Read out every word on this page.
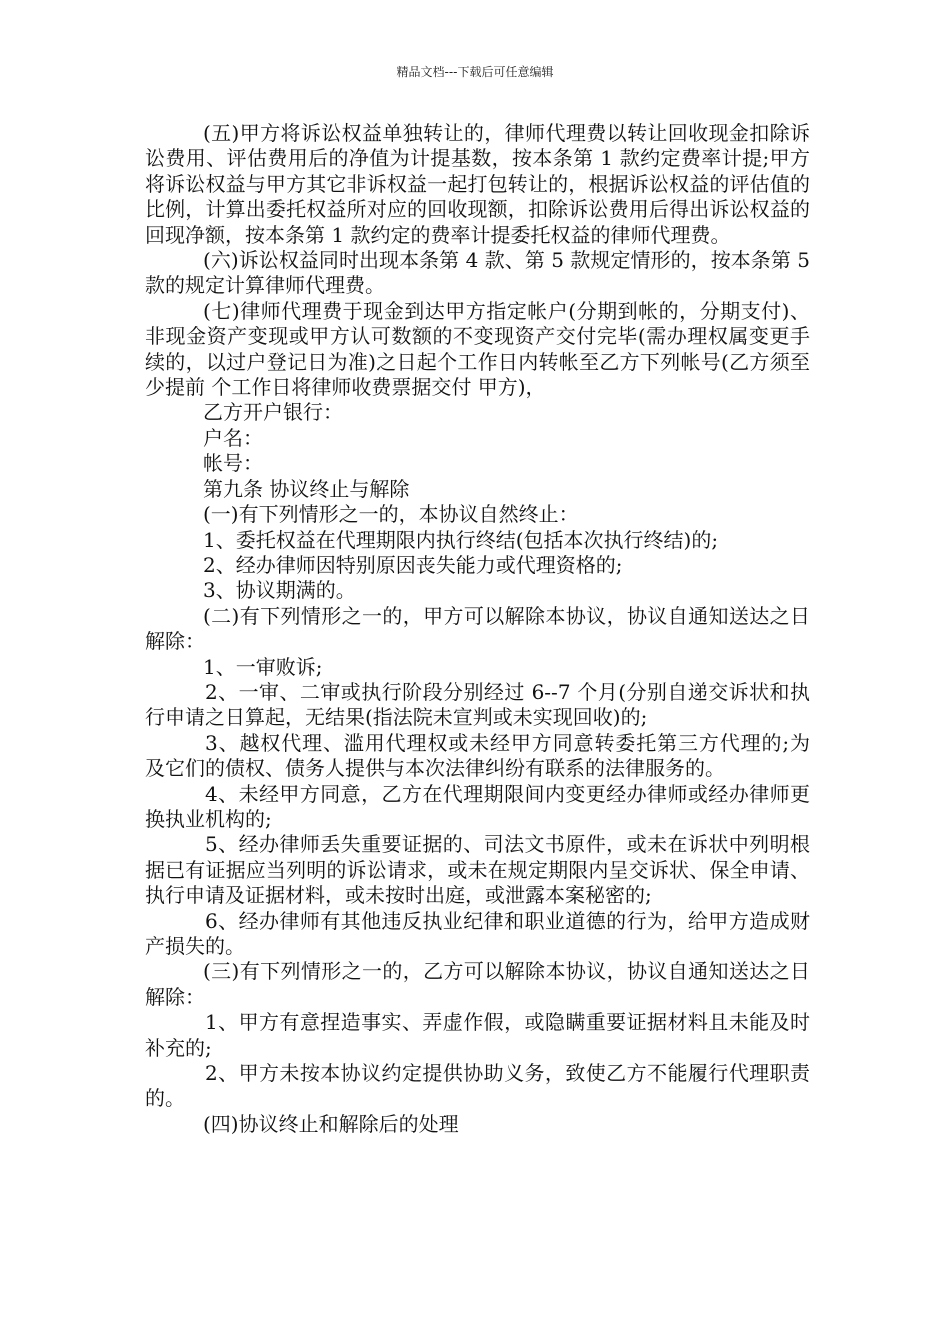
精品文档---下载后可任意编辑

(五)甲方将诉讼权益单独转让的，律师代理费以转让回收现金扣除诉讼费用、评估费用后的净值为计提基数，按本条第 1 款约定费率计提;甲方将诉讼权益与甲方其它非诉权益一起打包转让的，根据诉讼权益的评估值的比例，计算出委托权益所对应的回收现额，扣除诉讼费用后得出诉讼权益的回现净额，按本条第 1 款约定的费率计提委托权益的律师代理费。

(六)诉讼权益同时出现本条第 4 款、第 5 款规定情形的，按本条第 5 款的规定计算律师代理费。

(七)律师代理费于现金到达甲方指定帐户(分期到帐的，分期支付)、非现金资产变现或甲方认可数额的不变现资产交付完毕(需办理权属变更手续的，以过户登记日为准)之日起个工作日内转帐至乙方下列帐号(乙方须至少提前 个工作日将律师收费票据交付 甲方)，

乙方开户银行：

户名：

帐号：

第九条 协议终止与解除

(一)有下列情形之一的，本协议自然终止：

1、委托权益在代理期限内执行终结(包括本次执行终结)的;

2、经办律师因特别原因丧失能力或代理资格的;

3、协议期满的。

(二)有下列情形之一的，甲方可以解除本协议，协议自通知送达之日解除：

1、一审败诉;

2、一审、二审或执行阶段分别经过 6--7 个月(分别自递交诉状和执行申请之日算起，无结果(指法院未宣判或未实现回收)的;

3、越权代理、滥用代理权或未经甲方同意转委托第三方代理的;为 及它们的债权、债务人提供与本次法律纠纷有联系的法律服务的。

4、未经甲方同意，乙方在代理期限间内变更经办律师或经办律师更换执业机构的;

5、经办律师丢失重要证据的、司法文书原件，或未在诉状中列明根据已有证据应当列明的诉讼请求，或未在规定期限内呈交诉状、保全申请、执行申请及证据材料，或未按时出庭，或泄露本案秘密的;

6、经办律师有其他违反执业纪律和职业道德的行为，给甲方造成财产损失的。

(三)有下列情形之一的，乙方可以解除本协议，协议自通知送达之日解除：

1、甲方有意捏造事实、弄虚作假，或隐瞒重要证据材料且未能及时补充的;

2、甲方未按本协议约定提供协助义务，致使乙方不能履行代理职责的。

(四)协议终止和解除后的处理
